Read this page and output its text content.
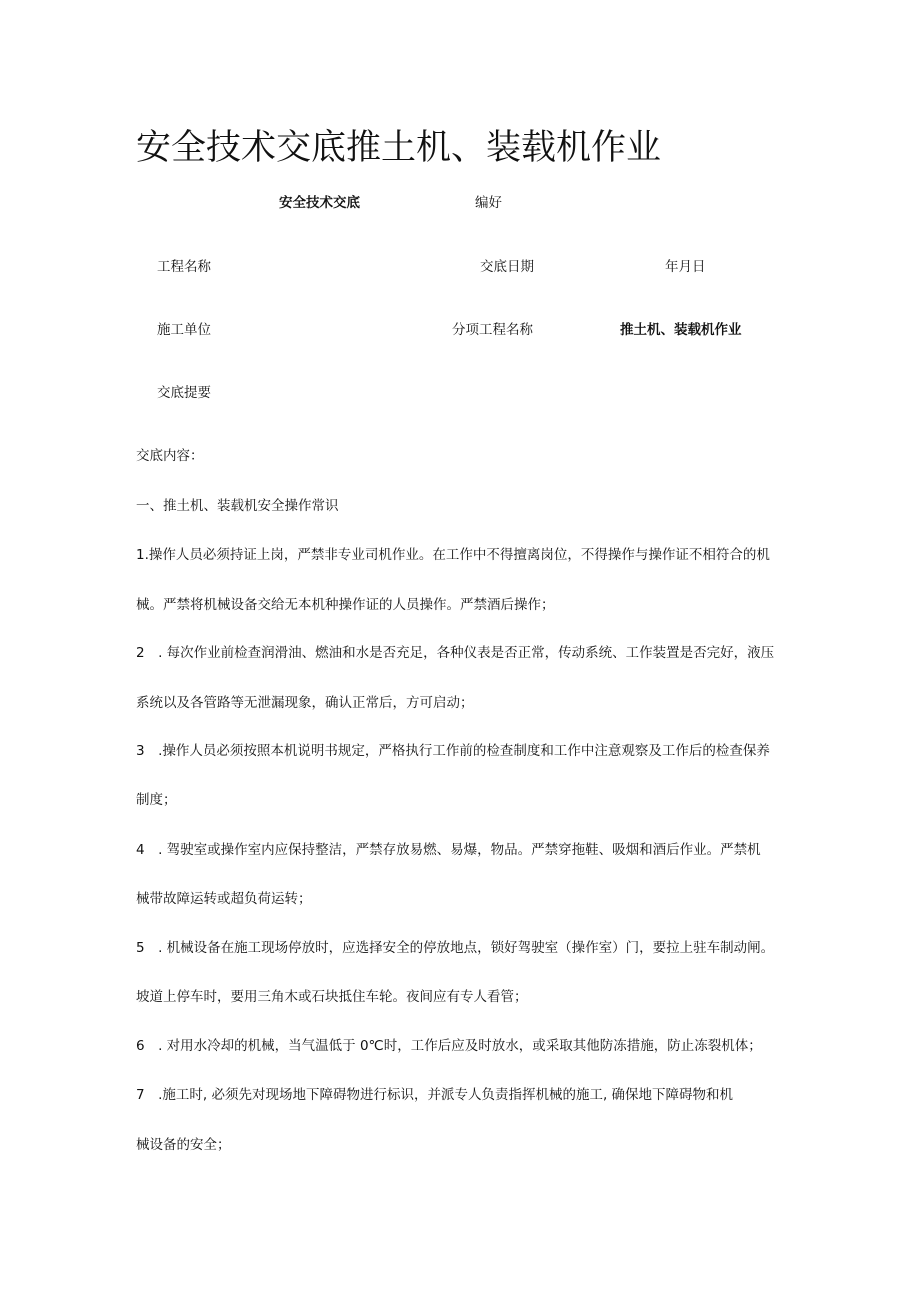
安全技术交底推土机、装载机作业
安全技术交底	编好
工程名称	交底日期	年月日
施工单位	分项工程名称	推土机、装载机作业
交底提要
交底内容：
一、推土机、装载机安全操作常识
1.操作人员必须持证上岗，严禁非专业司机作业。在工作中不得擅离岗位，不得操作与操作证不相符合的机
械。严禁将机械设备交给无本机种操作证的人员操作。严禁酒后操作；
2　. 每次作业前检查润滑油、燃油和水是否充足，各种仪表是否正常，传动系统、工作装置是否完好，液压
系统以及各管路等无泄漏现象，确认正常后，方可启动；
3　.操作人员必须按照本机说明书规定，严格执行工作前的检查制度和工作中注意观察及工作后的检查保养
制度；
4　. 驾驶室或操作室内应保持整洁，严禁存放易燃、易爆，物品。严禁穿拖鞋、吸烟和酒后作业。严禁机
械带故障运转或超负荷运转；
5　. 机械设备在施工现场停放时，应选择安全的停放地点，锁好驾驶室（操作室）门，要拉上驻车制动闸。
坡道上停车时，要用三角木或石块抵住车轮。夜间应有专人看管；
6　. 对用水冷却的机械，当气温低于 0℃时，工作后应及时放水，或采取其他防冻措施，防止冻裂机体；
7　.施工时, 必须先对现场地下障碍物进行标识，并派专人负责指挥机械的施工, 确保地下障碍物和机
械设备的安全；
